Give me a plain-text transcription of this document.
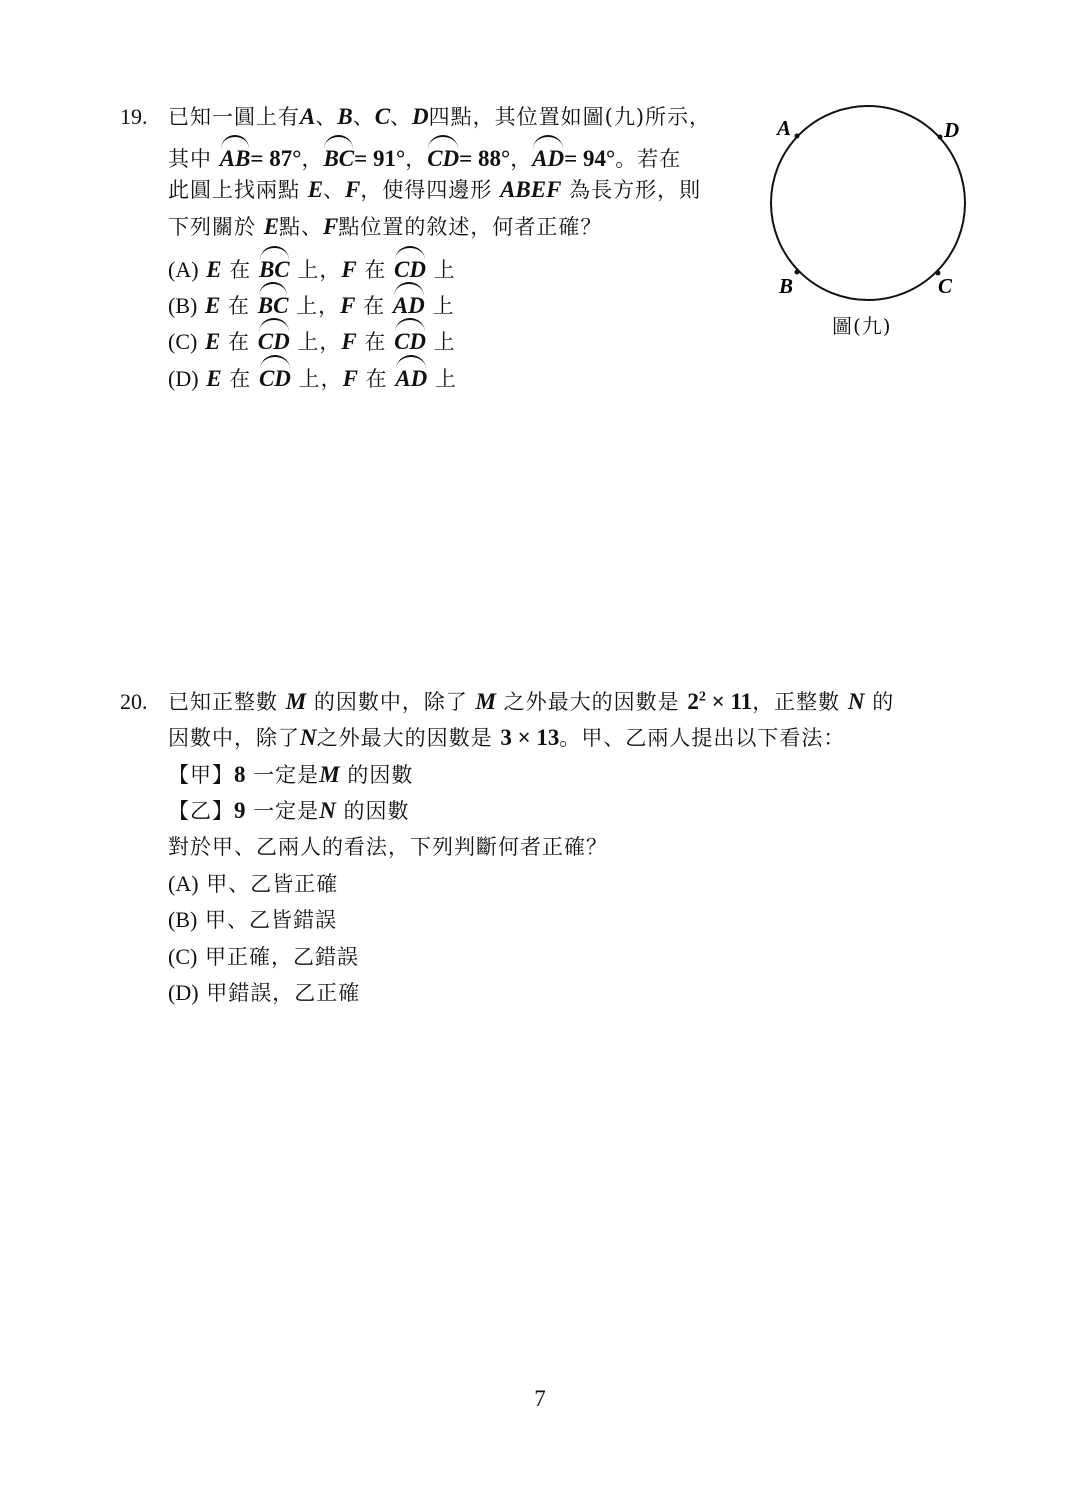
19. 已知一圓上有A、B、C、D四點，其位置如圖(九)所示，
其中 AB= 87°，BC= 91°，CD= 88°，AD= 94°。若在
此圓上找兩點 E、F，使得四邊形 ABEF 為長方形，則
下列關於 E點、F點位置的敘述，何者正確？
(A) E 在 BC 上，F 在 CD 上
(B) E 在 BC 上，F 在 AD 上
(C) E 在 CD 上，F 在 CD 上
(D) E 在 CD 上，F 在 AD 上
A	D
B	C
圖(九)
20. 已知正整數 M 的因數中，除了 M 之外最大的因數是 $2^2 \times 11$，正整數 N 的
因數中，除了N之外最大的因數是 3 × 13。甲、乙兩人提出以下看法：
【甲】8 一定是M 的因數
【乙】9 一定是N 的因數
對於甲、乙兩人的看法，下列判斷何者正確？
(A) 甲、乙皆正確
(B) 甲、乙皆錯誤
(C) 甲正確，乙錯誤
(D) 甲錯誤，乙正確
7
